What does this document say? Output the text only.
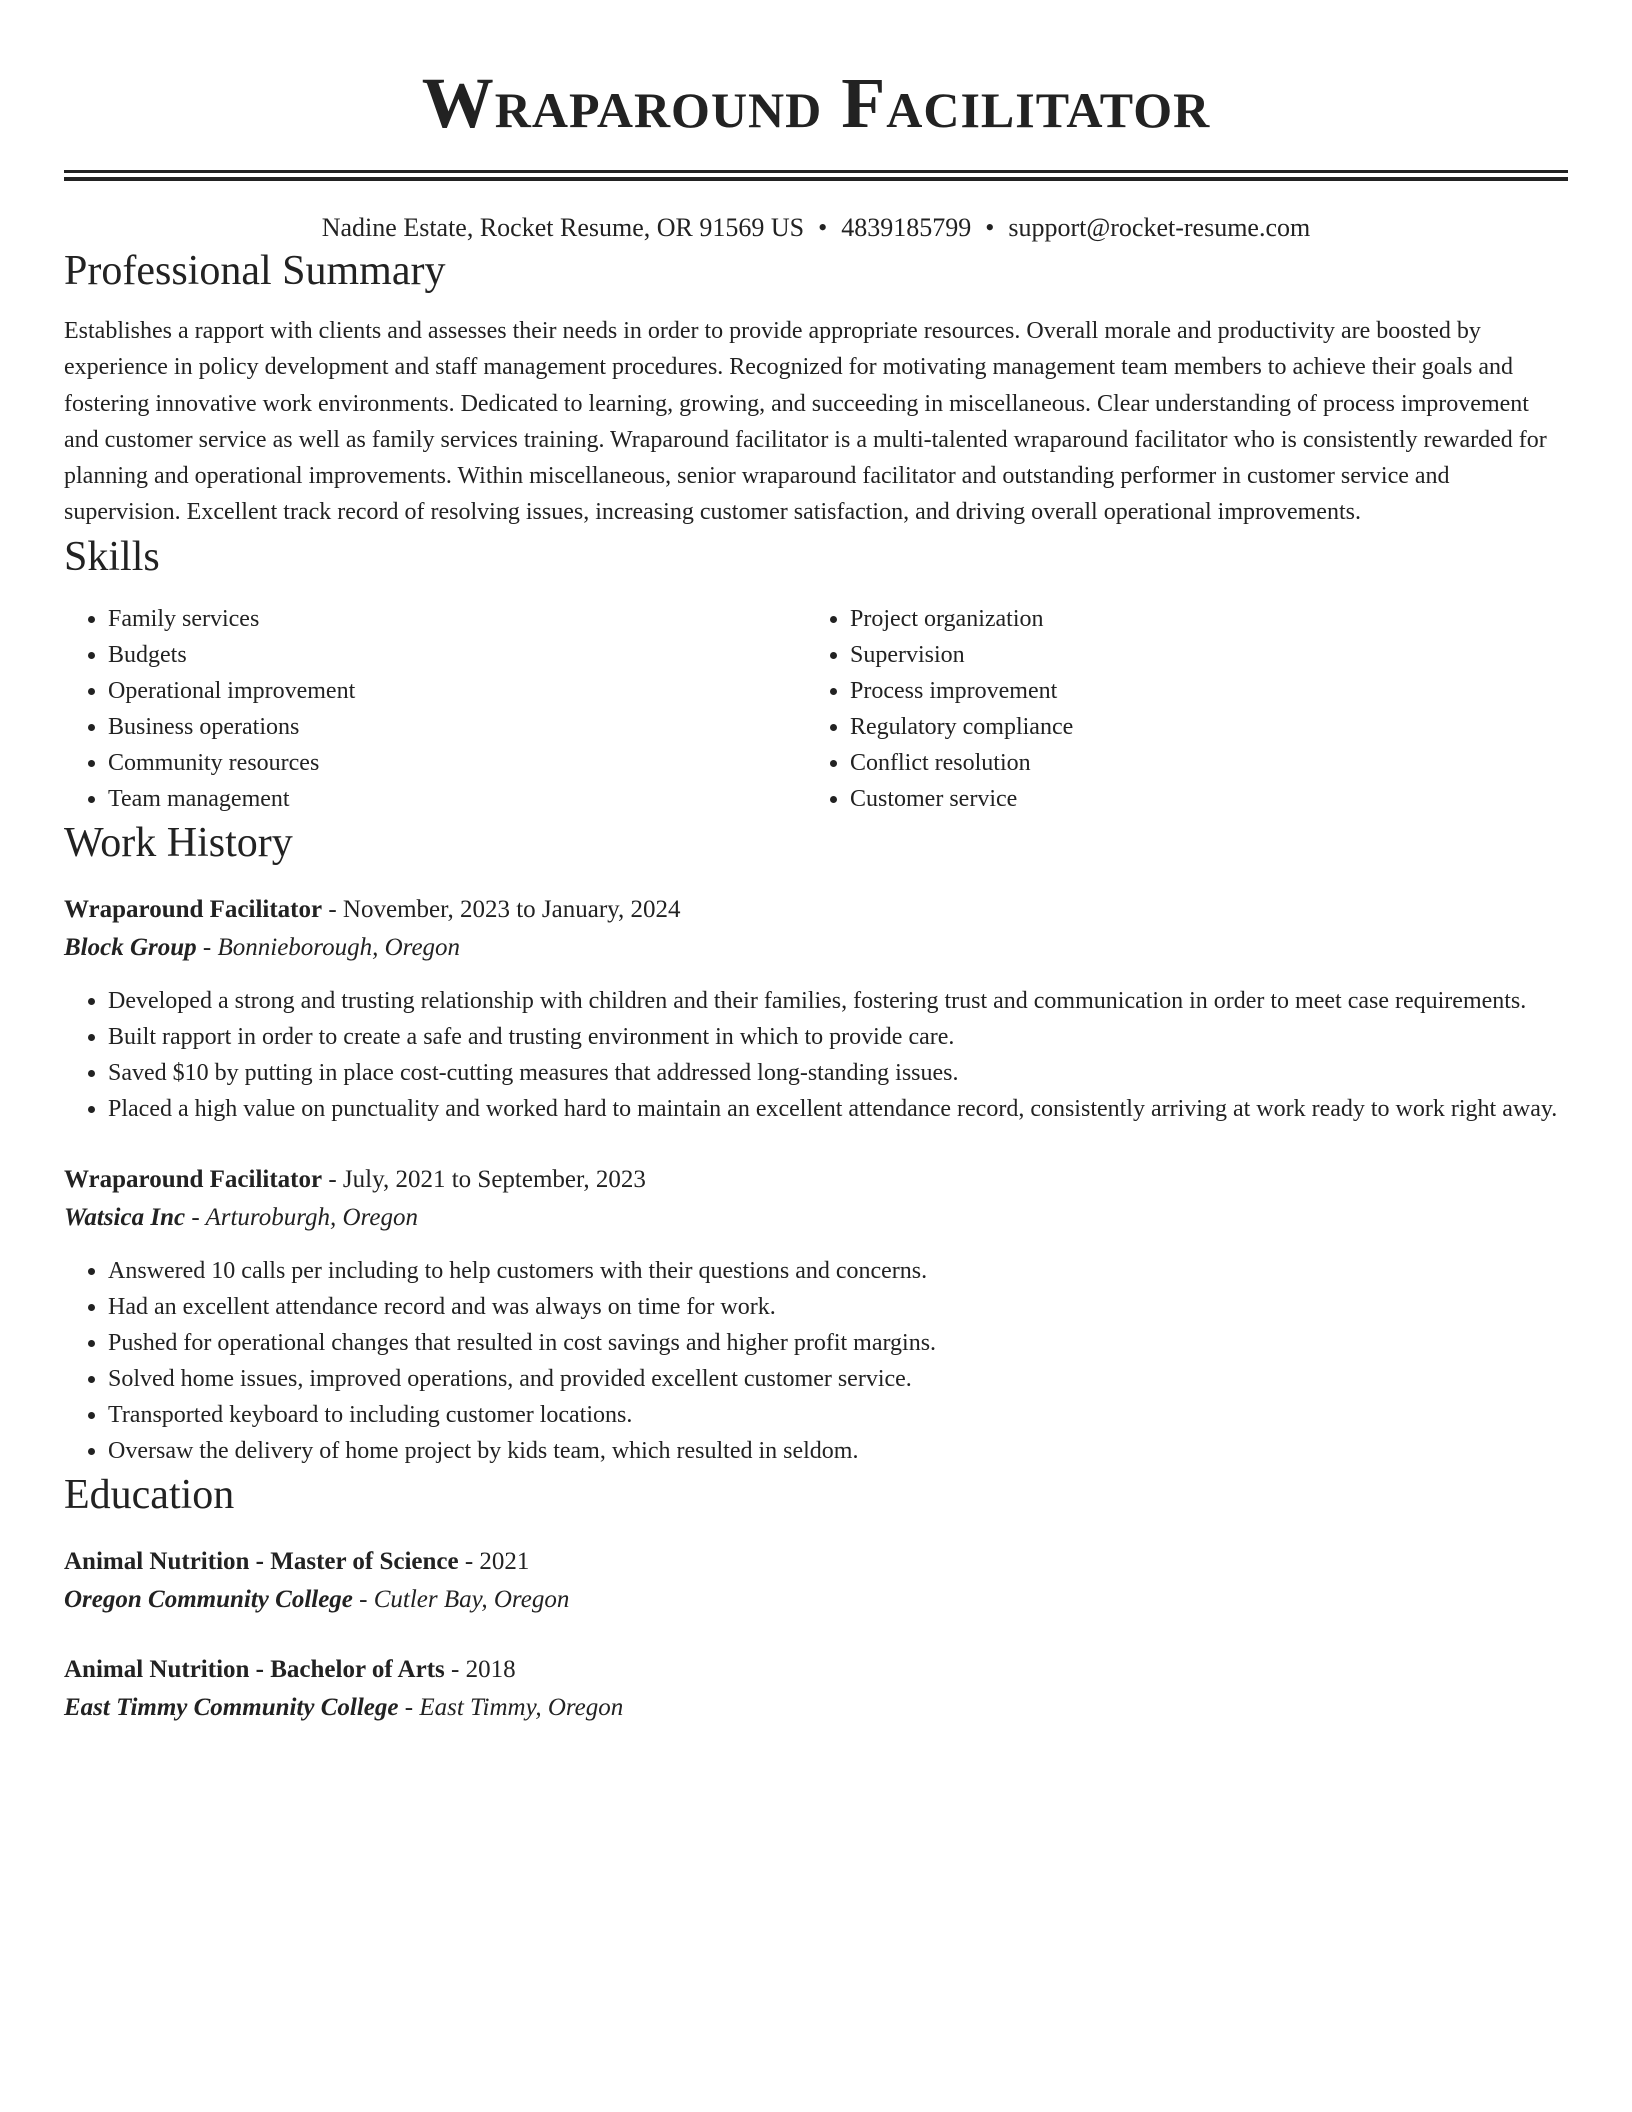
Wraparound Facilitator
Nadine Estate, Rocket Resume, OR 91569 US • 4839185799 • support@rocket-resume.com
Professional Summary
Establishes a rapport with clients and assesses their needs in order to provide appropriate resources. Overall morale and productivity are boosted by experience in policy development and staff management procedures. Recognized for motivating management team members to achieve their goals and fostering innovative work environments. Dedicated to learning, growing, and succeeding in miscellaneous. Clear understanding of process improvement and customer service as well as family services training. Wraparound facilitator is a multi-talented wraparound facilitator who is consistently rewarded for planning and operational improvements. Within miscellaneous, senior wraparound facilitator and outstanding performer in customer service and supervision. Excellent track record of resolving issues, increasing customer satisfaction, and driving overall operational improvements.
Skills
• Family services
• Budgets
• Operational improvement
• Business operations
• Community resources
• Team management
• Project organization
• Supervision
• Process improvement
• Regulatory compliance
• Conflict resolution
• Customer service
Work History
Wraparound Facilitator - November, 2023 to January, 2024
Block Group - Bonnieborough, Oregon
• Developed a strong and trusting relationship with children and their families, fostering trust and communication in order to meet case requirements.
• Built rapport in order to create a safe and trusting environment in which to provide care.
• Saved $10 by putting in place cost-cutting measures that addressed long-standing issues.
• Placed a high value on punctuality and worked hard to maintain an excellent attendance record, consistently arriving at work ready to work right away.
Wraparound Facilitator - July, 2021 to September, 2023
Watsica Inc - Arturoburgh, Oregon
• Answered 10 calls per including to help customers with their questions and concerns.
• Had an excellent attendance record and was always on time for work.
• Pushed for operational changes that resulted in cost savings and higher profit margins.
• Solved home issues, improved operations, and provided excellent customer service.
• Transported keyboard to including customer locations.
• Oversaw the delivery of home project by kids team, which resulted in seldom.
Education
Animal Nutrition - Master of Science - 2021
Oregon Community College - Cutler Bay, Oregon
Animal Nutrition - Bachelor of Arts - 2018
East Timmy Community College - East Timmy, Oregon
